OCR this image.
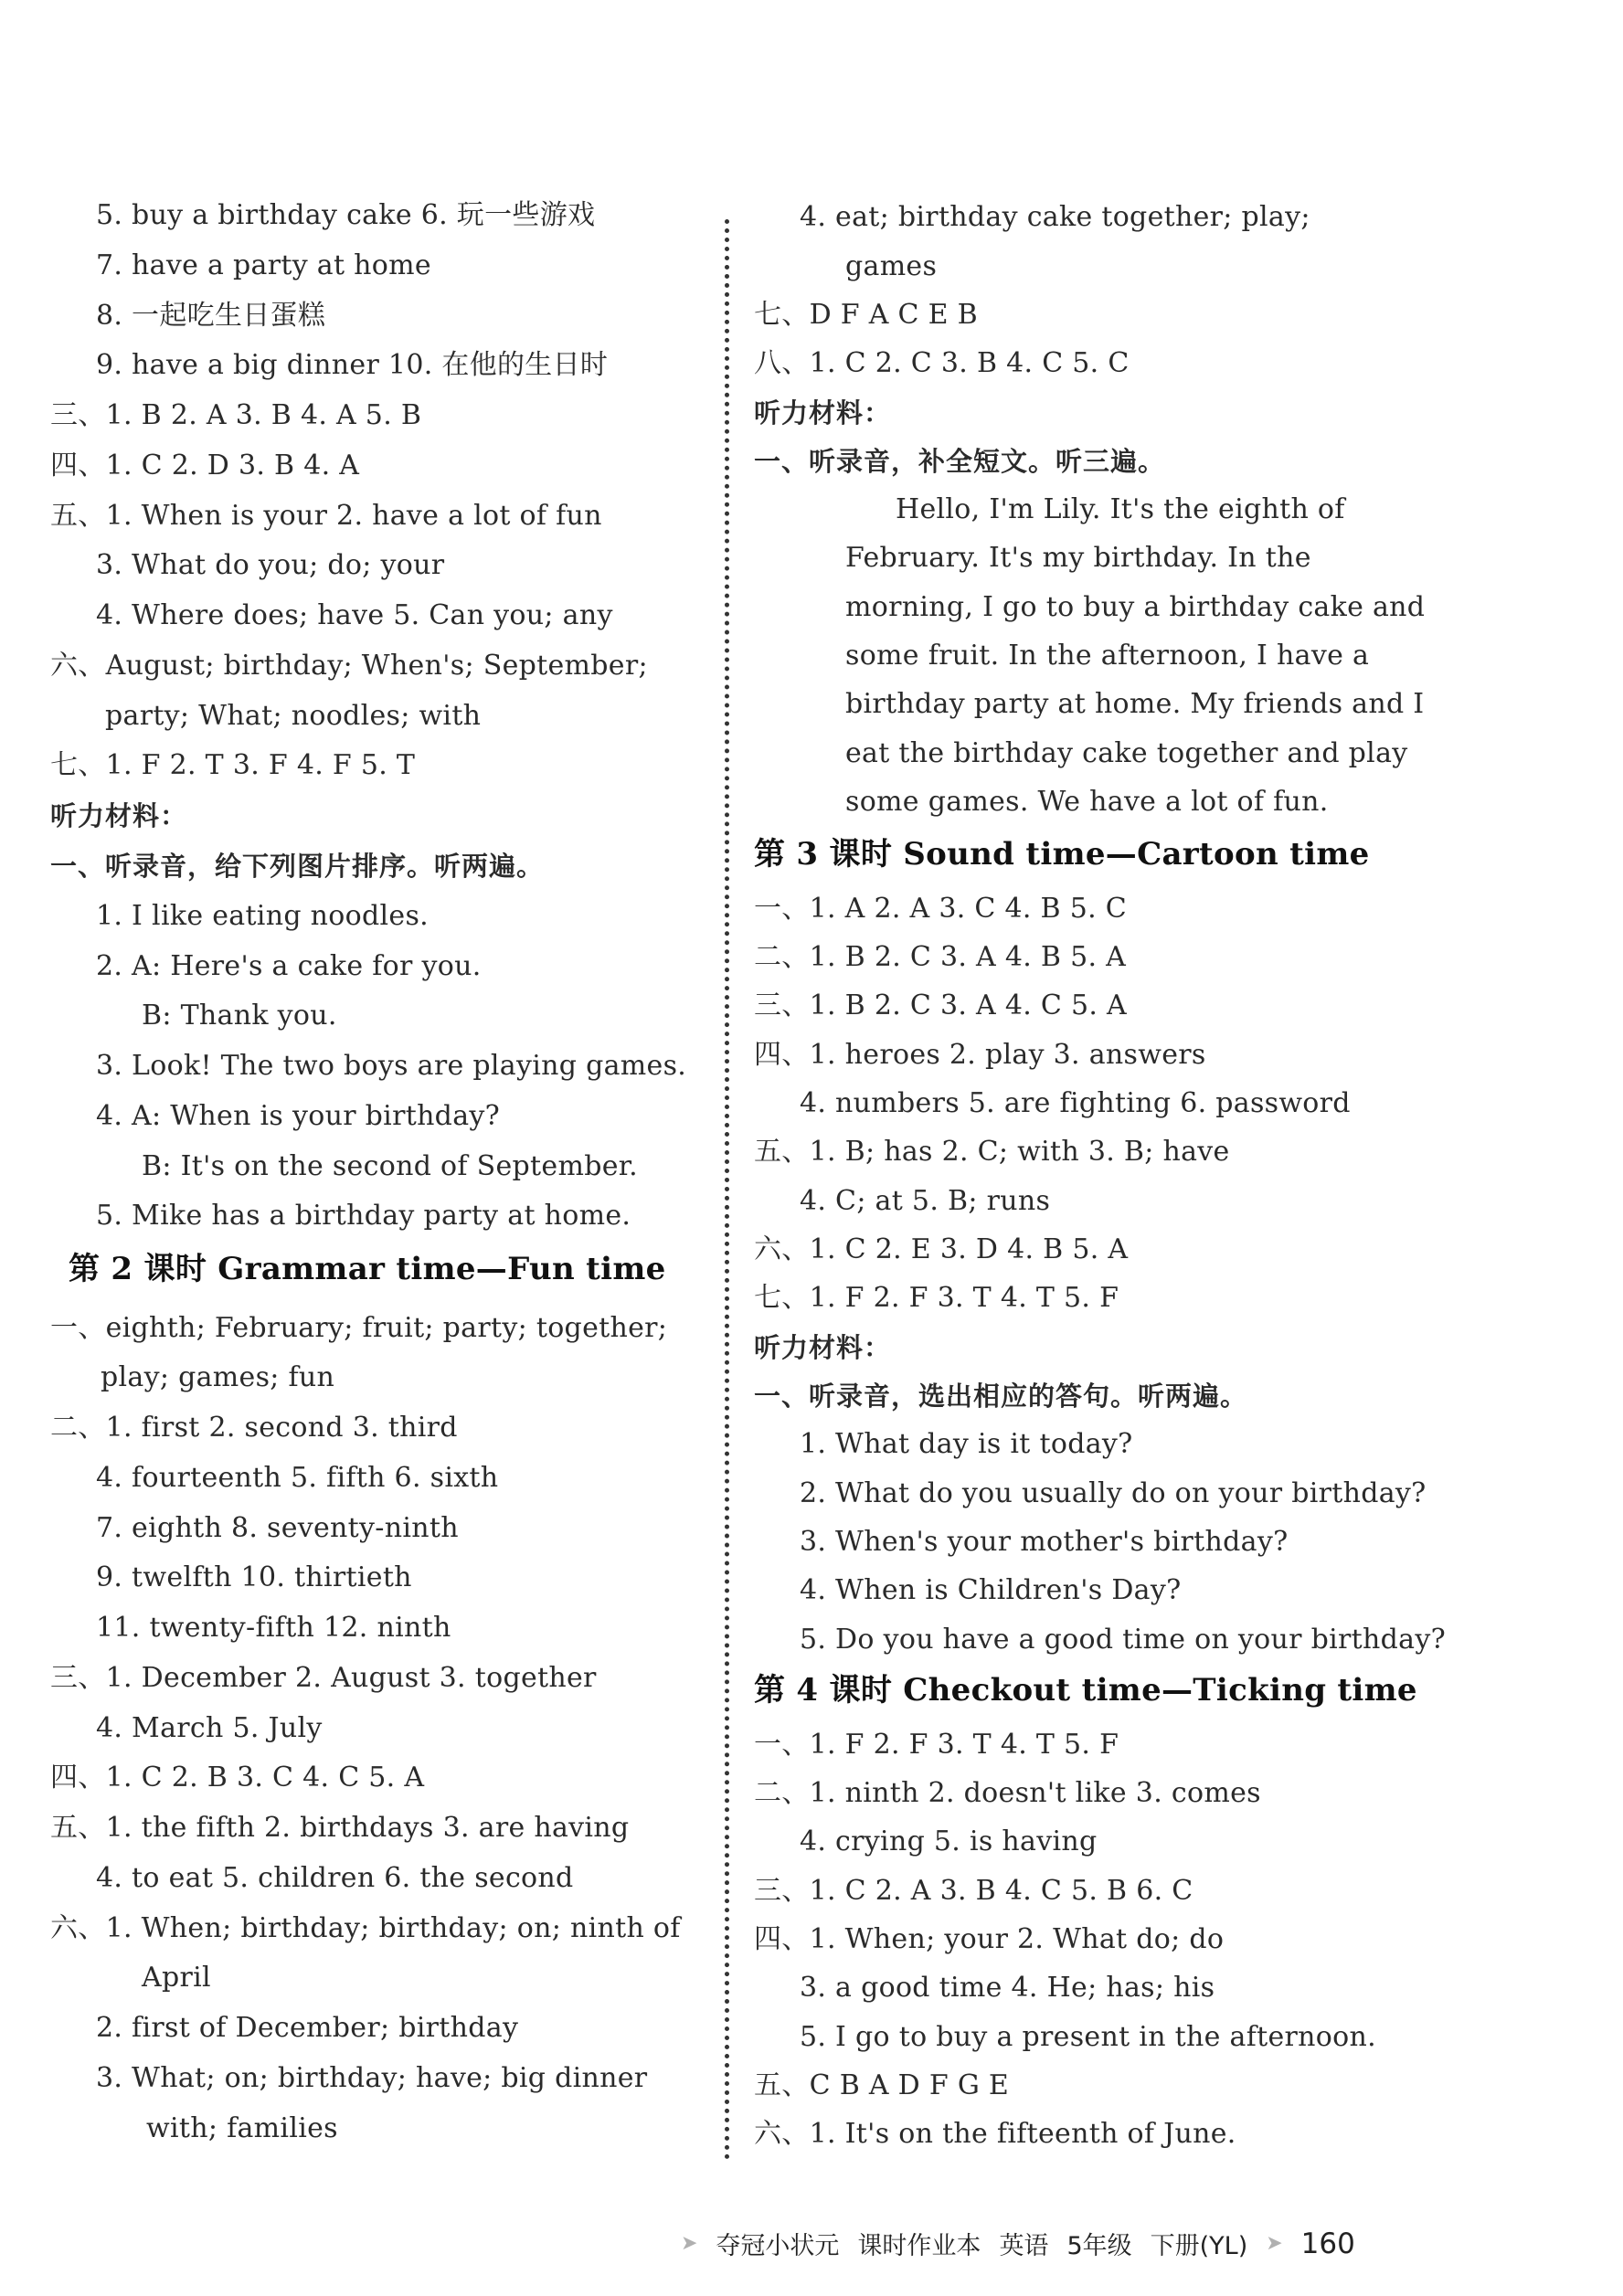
5. buy a birthday cake 6. 玩一些游戏
7. have a party at home
8. 一起吃生日蛋糕
9. have a big dinner 10. 在他的生日时
三、1. B 2. A 3. B 4. A 5. B
四、1. C 2. D 3. B 4. A
五、1. When is your 2. have a lot of fun
3. What do you; do; your
4. Where does; have 5. Can you; any
六、August; birthday; When's; September;
party; What; noodles; with
七、1. F 2. T 3. F 4. F 5. T
听力材料：
一、听录音，给下列图片排序。听两遍。
1. I like eating noodles.
2. A: Here's a cake for you.
B: Thank you.
3. Look! The two boys are playing games.
4. A: When is your birthday?
B: It's on the second of September.
5. Mike has a birthday party at home.
第 2 课时 Grammar time—Fun time
一、eighth; February; fruit; party; together;
play; games; fun
二、1. first 2. second 3. third
4. fourteenth 5. fifth 6. sixth
7. eighth 8. seventy-ninth
9. twelfth 10. thirtieth
11. twenty-fifth 12. ninth
三、1. December 2. August 3. together
4. March 5. July
四、1. C 2. B 3. C 4. C 5. A
五、1. the fifth 2. birthdays 3. are having
4. to eat 5. children 6. the second
六、1. When; birthday; birthday; on; ninth of
April
2. first of December; birthday
3. What; on; birthday; have; big dinner
with; families
4. eat; birthday cake together; play;
games
七、D F A C E B
八、1. C 2. C 3. B 4. C 5. C
听力材料：
一、听录音，补全短文。听三遍。
Hello, I'm Lily. It's the eighth of
February. It's my birthday. In the
morning, I go to buy a birthday cake and
some fruit. In the afternoon, I have a
birthday party at home. My friends and I
eat the birthday cake together and play
some games. We have a lot of fun.
第 3 课时 Sound time—Cartoon time
一、1. A 2. A 3. C 4. B 5. C
二、1. B 2. C 3. A 4. B 5. A
三、1. B 2. C 3. A 4. C 5. A
四、1. heroes 2. play 3. answers
4. numbers 5. are fighting 6. password
五、1. B; has 2. C; with 3. B; have
4. C; at 5. B; runs
六、1. C 2. E 3. D 4. B 5. A
七、1. F 2. F 3. T 4. T 5. F
听力材料：
一、听录音，选出相应的答句。听两遍。
1. What day is it today?
2. What do you usually do on your birthday?
3. When's your mother's birthday?
4. When is Children's Day?
5. Do you have a good time on your birthday?
第 4 课时 Checkout time—Ticking time
一、1. F 2. F 3. T 4. T 5. F
二、1. ninth 2. doesn't like 3. comes
4. crying 5. is having
三、1. C 2. A 3. B 4. C 5. B 6. C
四、1. When; your 2. What do; do
3. a good time 4. He; has; his
5. I go to buy a present in the afternoon.
五、C B A D F G E
六、1. It's on the fifteenth of June.
➤ 夺冠小状元 课时作业本 英语 5年级 下册(YL) ➤ 160
